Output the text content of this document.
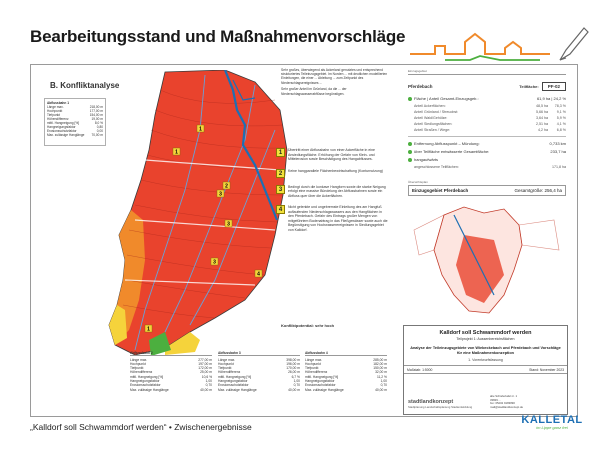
Bearbeitungsstand und Maßnahmenvorschläge
B. Konfliktanalyse
Abflussbahn 1
Länge max.	218,00 m
Hochpunkt	177,00 m
Tiefpunkt	154,00 m
Höhendifferenz	19,00 m
mittl. Hangneigung [%]	8,0 %
Hangneigungsfaktor	0,80
Erosionsschutzfaktor	0,00
Max. zulässige Hanglänge 70,00 m
1
1
2
3
3
4
1
3

Sehr großes, überwiegend als Ackerland genutztes und entsprechend strukturiertes Teileinzugsgebiet. Im Norden ... mit deutlichen modellierten Einleitungen, die einer ... Ableitung ... zum Zeitpunkt des Niederschlagsereignisses ...

Sehr großer Anteil im Grünland, da die ... der Niederschlagswasserabflüsse begünstigen.

1	Übertritt einer Abflussbahn von einer Ackerfläche in eine Ansiedlungsfläche. Erhöhung der Gefahr von Klein- und Mittelerosion sowie Beschädigung des Hangabflusses.
2	Keine hangparallele Flächenbewirtschaftung (Konturnutzung)
3	Bedingt durch die konkave Hangform sowie die starke Neigung erfolgt eine massive Bündelung der Abflussbahnen sowie ein Abfluss quer über die Ackerflächen.
4	Nicht gelenkte und ungebremste Einleitung des am Hangfuß auflaufenden Niederschlagswassers aus den Hangflächen in den Pferdebach. Gefahr des Eintrags großer Mengen von mitgeführtem Bodenabtrag in das Fließgewässer sowie auch die Begünstigung von Hochwasserereignissen in Siedlungsgebiet von Kalldorf.
Konfliktpotential: sehr hoch
Abflussbahn 2
Länge max.	277,00 m
Hochpunkt	197,00 m
Tiefpunkt	172,00 m
Höhendifferenz	25,00 m
mittl. Hangneigung [%]	10,6 %
Hangneigungsfaktor	1,00
Erosionsschutzfaktor	0,70
Max. zulässige Hanglänge	40,00 m
Abflussbahn 3
Länge max.	398,00 m
Hochpunkt	196,00 m
Tiefpunkt	170,00 m
Höhendifferenz	26,00 m
mittl. Hangneigung [%]	6,7 %
Hangneigungsfaktor	1,00
Erosionsschutzfaktor	0,70
Max. zulässige Hanglänge	40,00 m
Abflussbahn 4
Länge max.	285,00 m
Hochpunkt	182,00 m
Tiefpunkt	150,00 m
Höhendifferenz	32,00 m
mittl. Hangneigung [%]	11,2 %
Hangneigungsfaktor	1,00
Erosionsschutzfaktor	0,70
Max. zulässige Hanglänge	40,00 m
Einzugsgebiet
Pferdebach	Teilfläche:	PF-02
Fläche | Anteil Gesamt-Einzugsgeb.:	61,9 ha | 24,2 %
Anteil Ackerflächen:	48,5 ha	78,3 %
Anteil Grünland / Streuobst:	5,66 ha	9,1 %
Anteil Wald/Gehölze:	3,64 ha	5,9 %
Anteil Siedlungsflächen:	2,51 ha	4,1 %
Anteil Straßen / Wege:	4,2 ha	6,8 %
Entfernung Abflusspunkt – Mündung:	0,733 km
über Teilfläche entwässerte Gesamtfläche:	233,7 ha
hangaufwärts
angeschlossene Teilflächen:	171,8 ha
Übersichtsplan
Einzugsgebiet Pferdebach	Gesamtgröße: 256,4 ha
Kalldorf soll Schwammdorf werden
Teilprojekt 1: Aussenbereichsflächen
Analyse der Teileinzugsgebiete von Wiebeckebach und Pferdebach und Vorschläge für eine Maßnahmenkonzeption
1. Vorentwurfsfassung
Maßstab: 1:5000	Stand: November 2023
stadtlandkonzept
Stadtplanung Landschaftsplanung Stadtentwicklung
alte Schiefertafel nr. 1
33829 ...
fon: 05202 9183890
mail@stadtlandkonzept.de
„Kalldorf soll Schwammdorf werden“ • Zwischenergebnisse
KALLETAL
im Lippe ganz frei
